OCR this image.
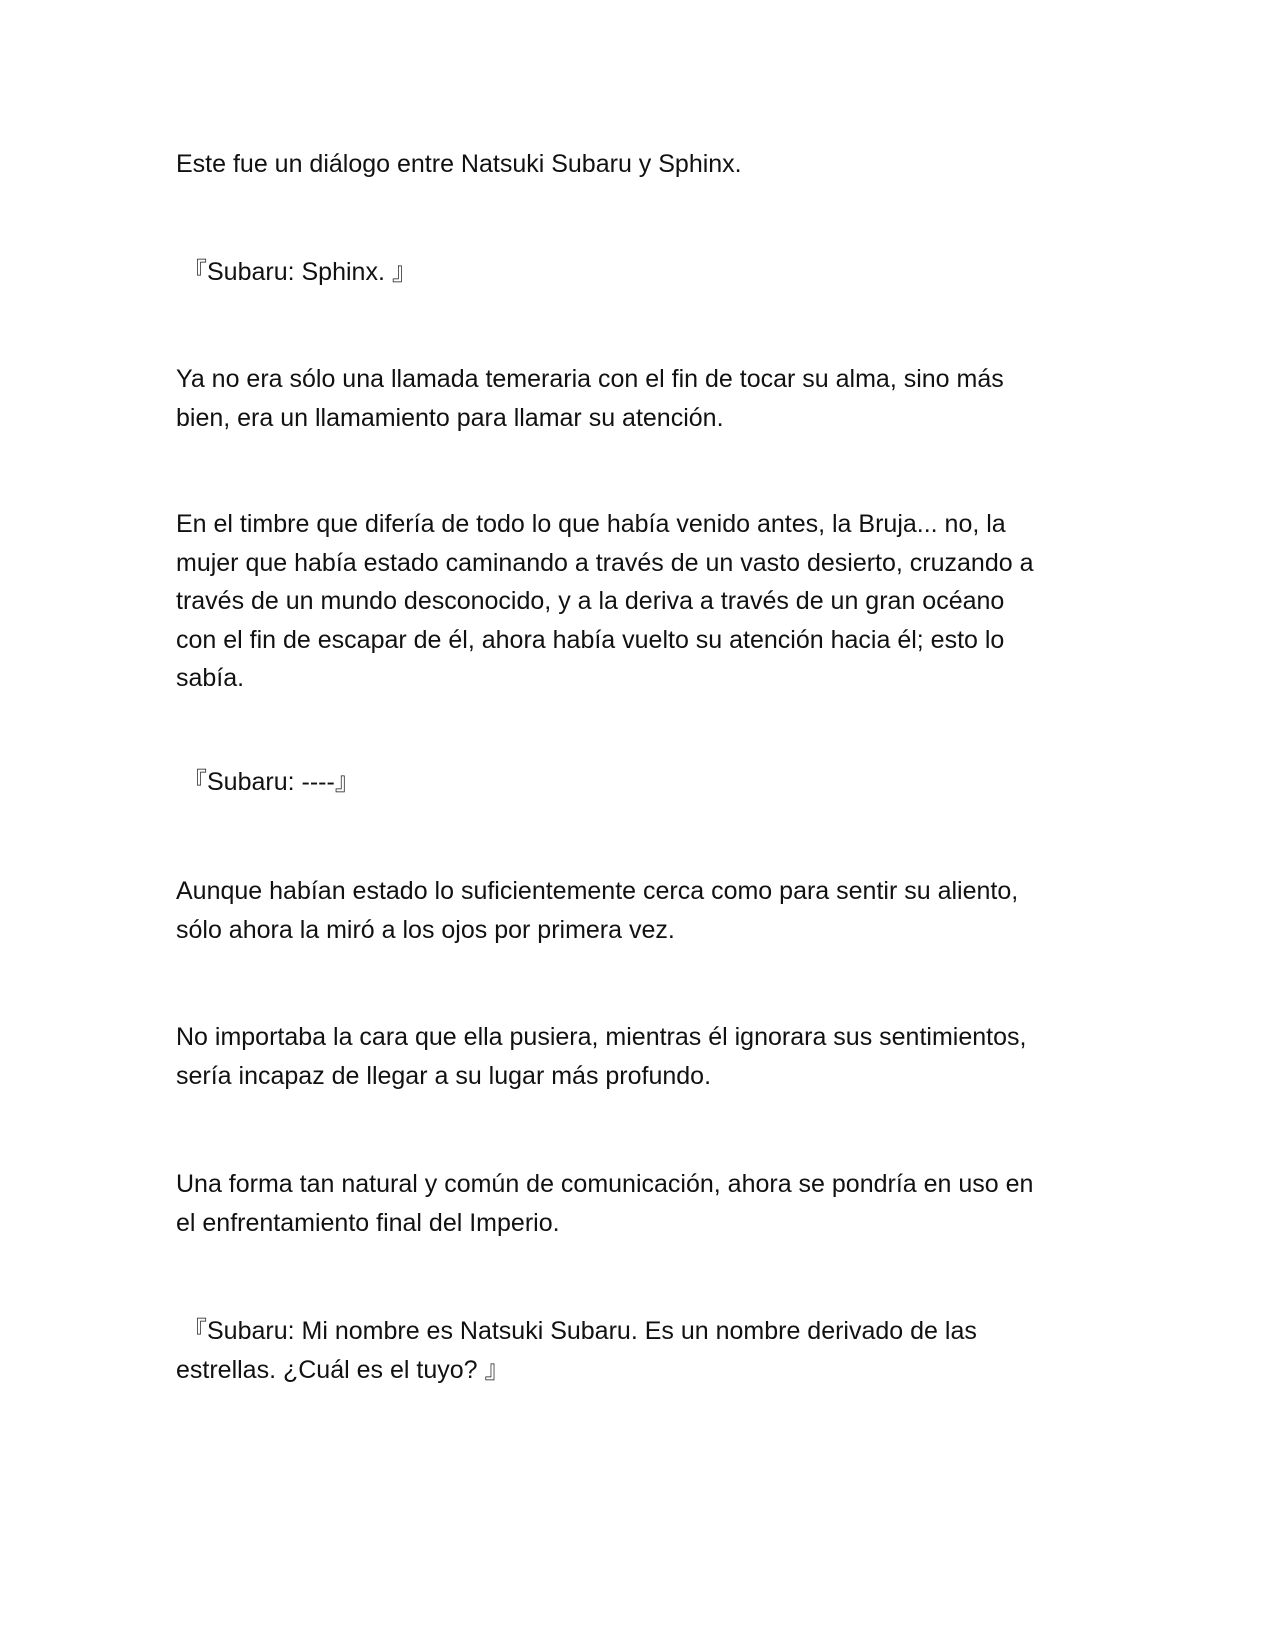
Este fue un diálogo entre Natsuki Subaru y Sphinx.
『Subaru: Sphinx. 』
Ya no era sólo una llamada temeraria con el fin de tocar su alma, sino más
bien, era un llamamiento para llamar su atención.
En el timbre que difería de todo lo que había venido antes, la Bruja... no, la
mujer que había estado caminando a través de un vasto desierto, cruzando a
través de un mundo desconocido, y a la deriva a través de un gran océano
con el fin de escapar de él, ahora había vuelto su atención hacia él; esto lo
sabía.
『Subaru: ----』
Aunque habían estado lo suficientemente cerca como para sentir su aliento,
sólo ahora la miró a los ojos por primera vez.
No importaba la cara que ella pusiera, mientras él ignorara sus sentimientos,
sería incapaz de llegar a su lugar más profundo.
Una forma tan natural y común de comunicación, ahora se pondría en uso en
el enfrentamiento final del Imperio.
『Subaru: Mi nombre es Natsuki Subaru. Es un nombre derivado de las
estrellas. ¿Cuál es el tuyo? 』
